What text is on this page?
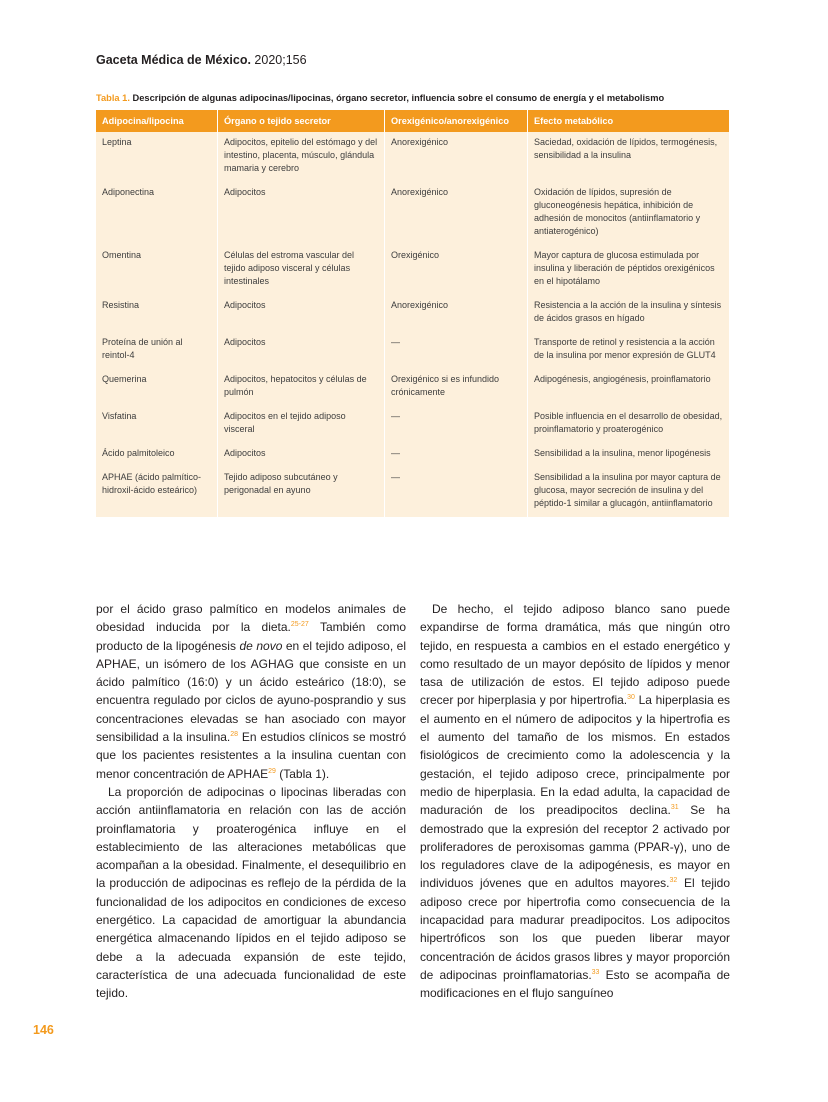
Gaceta Médica de México. 2020;156
Tabla 1. Descripción de algunas adipocinas/lipocinas, órgano secretor, influencia sobre el consumo de energía y el metabolismo
Adipocina/lipocina	Órgano o tejido secretor	Orexigénico/anorexigénico	Efecto metabólico
Leptina	Adipocitos, epitelio del estómago y del intestino, placenta, músculo, glándula mamaria y cerebro	Anorexigénico	Saciedad, oxidación de lípidos, termogénesis, sensibilidad a la insulina
Adiponectina	Adipocitos	Anorexigénico	Oxidación de lípidos, supresión de gluconeogénesis hepática, inhibición de adhesión de monocitos (antiinflamatorio y antiaterogénico)
Omentina	Células del estroma vascular del tejido adiposo visceral y células intestinales	Orexigénico	Mayor captura de glucosa estimulada por insulina y liberación de péptidos orexigénicos en el hipotálamo
Resistina	Adipocitos	Anorexigénico	Resistencia a la acción de la insulina y síntesis de ácidos grasos en hígado
Proteína de unión al reintol-4	Adipocitos	—	Transporte de retinol y resistencia a la acción de la insulina por menor expresión de GLUT4
Quemerina	Adipocitos, hepatocitos y células de pulmón	Orexigénico si es infundido crónicamente	Adipogénesis, angiogénesis, proinflamatorio
Visfatina	Adipocitos en el tejido adiposo visceral	—	Posible influencia en el desarrollo de obesidad, proinflamatorio y proaterogénico
Ácido palmitoleico	Adipocitos	—	Sensibilidad a la insulina, menor lipogénesis
APHAE (ácido palmítico-hidroxil-ácido esteárico)	Tejido adiposo subcutáneo y perigonadal en ayuno	—	Sensibilidad a la insulina por mayor captura de glucosa, mayor secreción de insulina y del péptido-1 similar a glucagón, antiinflamatorio

por el ácido graso palmítico en modelos animales de obesidad inducida por la dieta.$^{25-27}$ También como producto de la lipogénesis de novo en el tejido adiposo, el APHAE, un isómero de los AGHAG que consiste en un ácido palmítico (16:0) y un ácido esteárico (18:0), se encuentra regulado por ciclos de ayuno-posprandio y sus concentraciones elevadas se han asociado con mayor sensibilidad a la insulina.$^{28}$ En estudios clínicos se mostró que los pacientes resistentes a la insulina cuentan con menor concentración de APHAE$^{29}$ (Tabla 1).

La proporción de adipocinas o lipocinas liberadas con acción antiinflamatoria en relación con las de acción proinflamatoria y proaterogénica influye en el establecimiento de las alteraciones metabólicas que acompañan a la obesidad. Finalmente, el desequilibrio en la producción de adipocinas es reflejo de la pérdida de la funcionalidad de los adipocitos en condiciones de exceso energético. La capacidad de amortiguar la abundancia energética almacenando lípidos en el tejido adiposo se debe a la adecuada expansión de este tejido, característica de una adecuada funcionalidad de este tejido.

De hecho, el tejido adiposo blanco sano puede expandirse de forma dramática, más que ningún otro tejido, en respuesta a cambios en el estado energético y como resultado de un mayor depósito de lípidos y menor tasa de utilización de estos. El tejido adiposo puede crecer por hiperplasia y por hipertrofia.$^{30}$ La hiperplasia es el aumento en el número de adipocitos y la hipertrofia es el aumento del tamaño de los mismos. En estados fisiológicos de crecimiento como la adolescencia y la gestación, el tejido adiposo crece, principalmente por medio de hiperplasia. En la edad adulta, la capacidad de maduración de los preadipocitos declina.$^{31}$ Se ha demostrado que la expresión del receptor 2 activado por proliferadores de peroxisomas gamma (PPAR-γ), uno de los reguladores clave de la adipogénesis, es mayor en individuos jóvenes que en adultos mayores.$^{32}$ El tejido adiposo crece por hipertrofia como consecuencia de la incapacidad para madurar preadipocitos. Los adipocitos hipertróficos son los que pueden liberar mayor concentración de ácidos grasos libres y mayor proporción de adipocinas proinflamatorias.$^{33}$ Esto se acompaña de modificaciones en el flujo sanguíneo

146
